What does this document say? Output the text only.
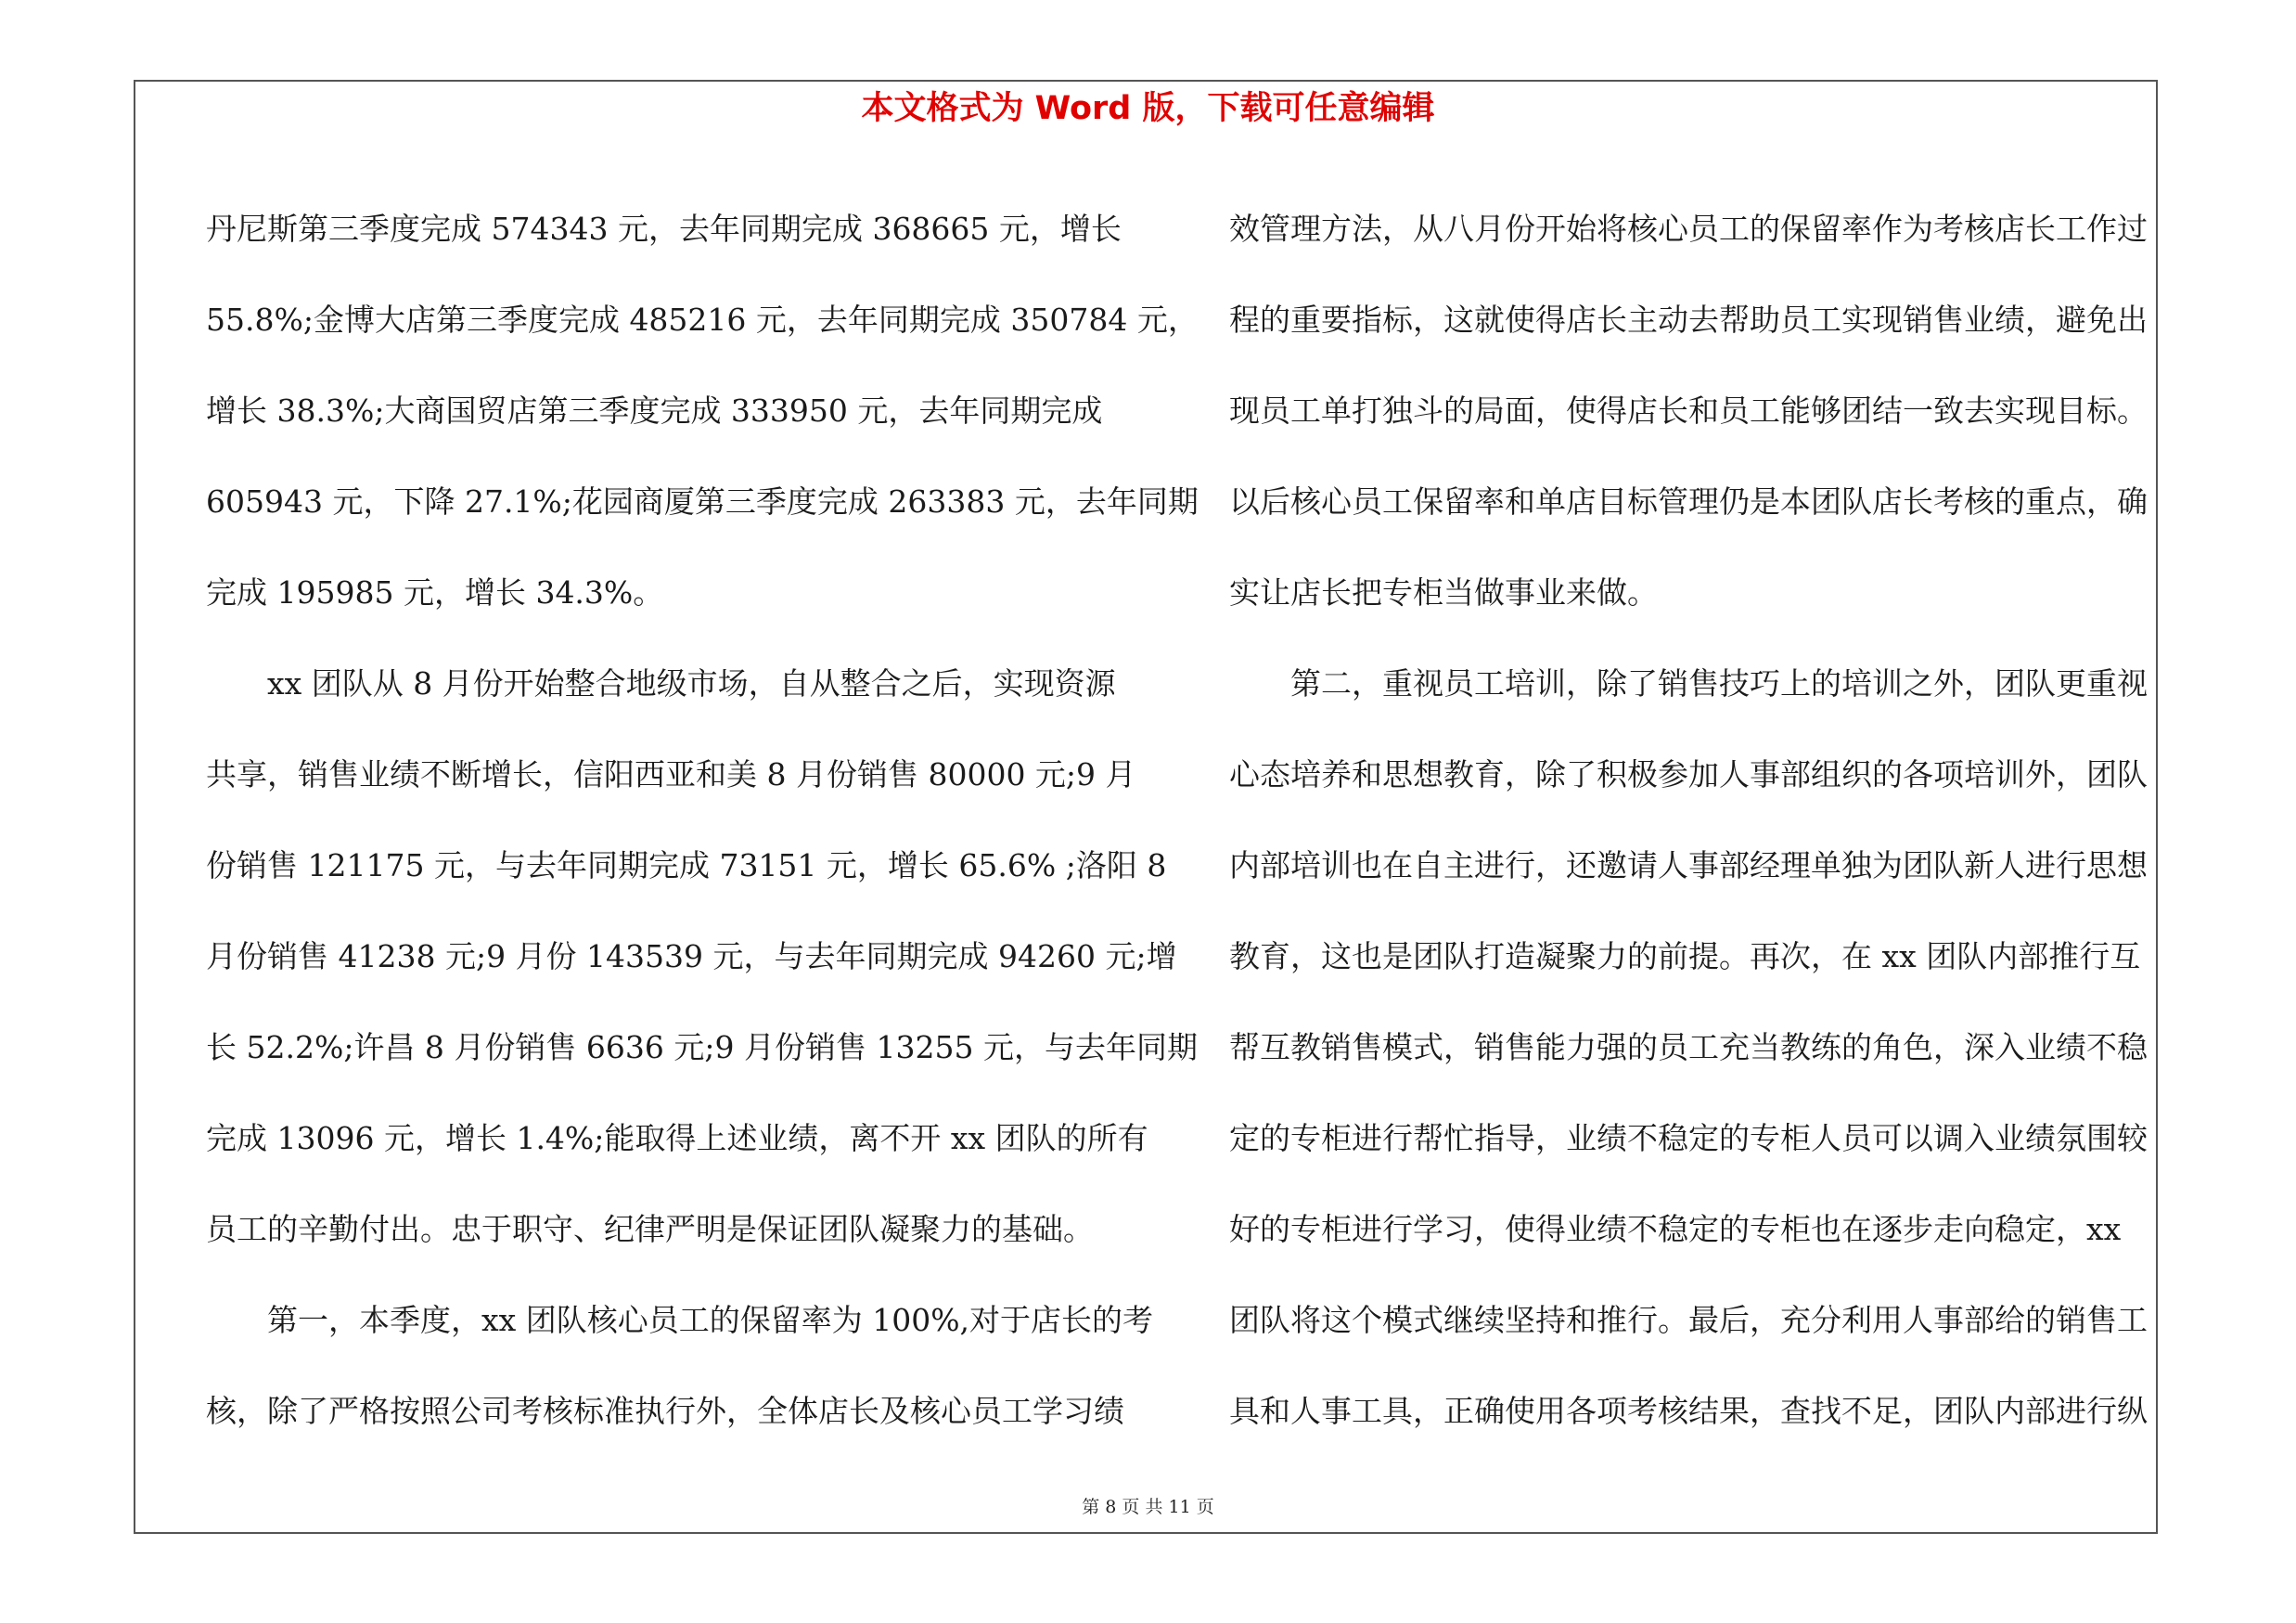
本文格式为 Word 版，下载可任意编辑
丹尼斯第三季度完成 574343 元，去年同期完成 368665 元，增长
55.8%;金博大店第三季度完成 485216 元，去年同期完成 350784 元，
增长 38.3%;大商国贸店第三季度完成 333950 元，去年同期完成
605943 元，下降 27.1%;花园商厦第三季度完成 263383 元，去年同期
完成 195985 元，增长 34.3%。
　　xx 团队从 8 月份开始整合地级市场，自从整合之后，实现资源
共享，销售业绩不断增长，信阳西亚和美 8 月份销售 80000 元;9 月
份销售 121175 元，与去年同期完成 73151 元，增长 65.6% ;洛阳 8
月份销售 41238 元;9 月份 143539 元，与去年同期完成 94260 元;增
长 52.2%;许昌 8 月份销售 6636 元;9 月份销售 13255 元，与去年同期
完成 13096 元，增长 1.4%;能取得上述业绩，离不开 xx 团队的所有
员工的辛勤付出。忠于职守、纪律严明是保证团队凝聚力的基础。
　　第一，本季度，xx 团队核心员工的保留率为 100%,对于店长的考
核，除了严格按照公司考核标准执行外，全体店长及核心员工学习绩
效管理方法，从八月份开始将核心员工的保留率作为考核店长工作过
程的重要指标，这就使得店长主动去帮助员工实现销售业绩，避免出
现员工单打独斗的局面，使得店长和员工能够团结一致去实现目标。
以后核心员工保留率和单店目标管理仍是本团队店长考核的重点，确
实让店长把专柜当做事业来做。
　　第二，重视员工培训，除了销售技巧上的培训之外，团队更重视
心态培养和思想教育，除了积极参加人事部组织的各项培训外，团队
内部培训也在自主进行，还邀请人事部经理单独为团队新人进行思想
教育，这也是团队打造凝聚力的前提。再次，在 xx 团队内部推行互
帮互教销售模式，销售能力强的员工充当教练的角色，深入业绩不稳
定的专柜进行帮忙指导，业绩不稳定的专柜人员可以调入业绩氛围较
好的专柜进行学习，使得业绩不稳定的专柜也在逐步走向稳定，xx
团队将这个模式继续坚持和推行。最后，充分利用人事部给的销售工
具和人事工具，正确使用各项考核结果，查找不足，团队内部进行纵
第 8 页 共 11 页
